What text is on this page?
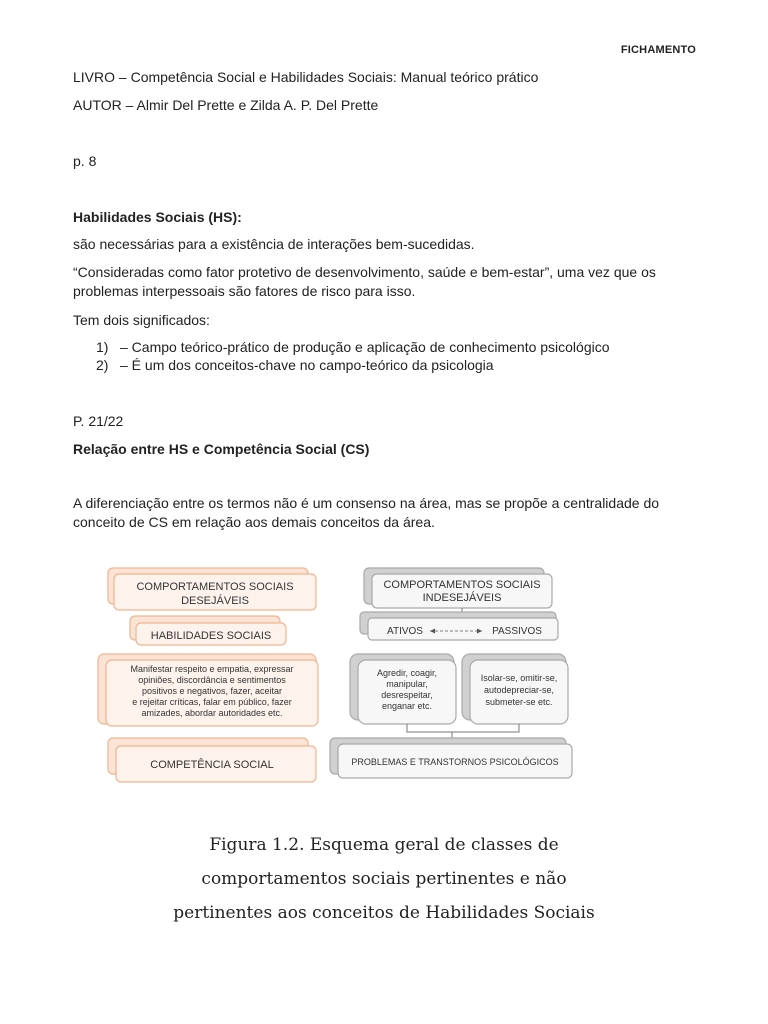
FICHAMENTO
LIVRO – Competência Social e Habilidades Sociais: Manual teórico prático
AUTOR – Almir Del Prette e Zilda A. P. Del Prette
p. 8
Habilidades Sociais (HS):
são necessárias para a existência de interações bem-sucedidas.
“Consideradas como fator protetivo de desenvolvimento, saúde e bem-estar”, uma vez que os problemas interpessoais são fatores de risco para isso.
Tem dois significados:
1) – Campo teórico-prático de produção e aplicação de conhecimento psicológico
2) – É um dos conceitos-chave no campo-teórico da psicologia
P. 21/22
Relação entre HS e Competência Social (CS)
A diferenciação entre os termos não é um consenso na área, mas se propõe a centralidade do conceito de CS em relação aos demais conceitos da área.
COMPORTAMENTOS SOCIAIS
DESEJÁVEIS
HABILIDADES SOCIAIS
Manifestar respeito e empatia, expressar
opiniões, discordância e sentimentos
positivos e negativos, fazer, aceitar
e rejeitar críticas, falar em público, fazer
amizades, abordar autoridades etc.
COMPETÊNCIA SOCIAL
COMPORTAMENTOS SOCIAIS
INDESEJÁVEIS
ATIVOS	PASSIVOS
Agredir, coagir,
manipular,
desrespeitar,
enganar etc.
Isolar-se, omitir-se,
autodepreciar-se,
submeter-se etc.
PROBLEMAS E TRANSTORNOS PSICOLÓGICOS
Figura 1.2. Esquema geral de classes de
comportamentos sociais pertinentes e não
pertinentes aos conceitos de Habilidades Sociais
